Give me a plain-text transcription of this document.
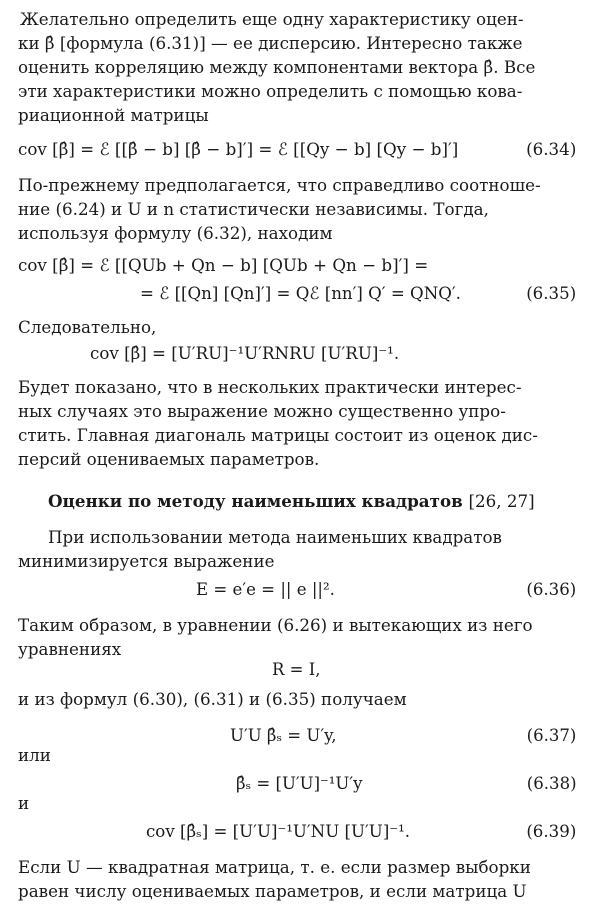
Желательно определить еще одну характеристику оцен-
ки β̂ [формула (6.31)] — ее дисперсию. Интересно также
оценить корреляцию между компонентами вектора β̂. Все
эти характеристики можно определить с помощью кова-
риационной матрицы
cov [β̂] = ℰ [[β̂ − b] [β̂ − b]′] = ℰ [[Qy − b] [Qy − b]′]	(6.34)
По-прежнему предполагается, что справедливо соотноше-
ние (6.24) и U и n статистически независимы. Тогда,
используя формулу (6.32), находим
cov [β̂] = ℰ [[QUb + Qn − b] [QUb + Qn − b]′] =
= ℰ [[Qn] [Qn]′] = Qℰ [nn′] Q′ = QNQ′.	(6.35)
Следовательно,
cov [β̂] = [U′RU]⁻¹U′RNRU [U′RU]⁻¹.
Будет показано, что в нескольких практически интерес-
ных случаях это выражение можно существенно упро-
стить. Главная диагональ матрицы состоит из оценок дис-
персий оцениваемых параметров.
Оценки по методу наименьших квадратов [26, 27]
При использовании метода наименьших квадратов
минимизируется выражение
E = e′e = || e ||².	(6.36)
Таким образом, в уравнении (6.26) и вытекающих из него
уравнениях
R = I,
и из формул (6.30), (6.31) и (6.35) получаем
U′U β̂ₛ = U′y,	(6.37)
или
β̂ₛ = [U′U]⁻¹U′y	(6.38)
и
cov [β̂ₛ] = [U′U]⁻¹U′NU [U′U]⁻¹.	(6.39)
Если U — квадратная матрица, т. е. если размер выборки
равен числу оцениваемых параметров, и если матрица U
